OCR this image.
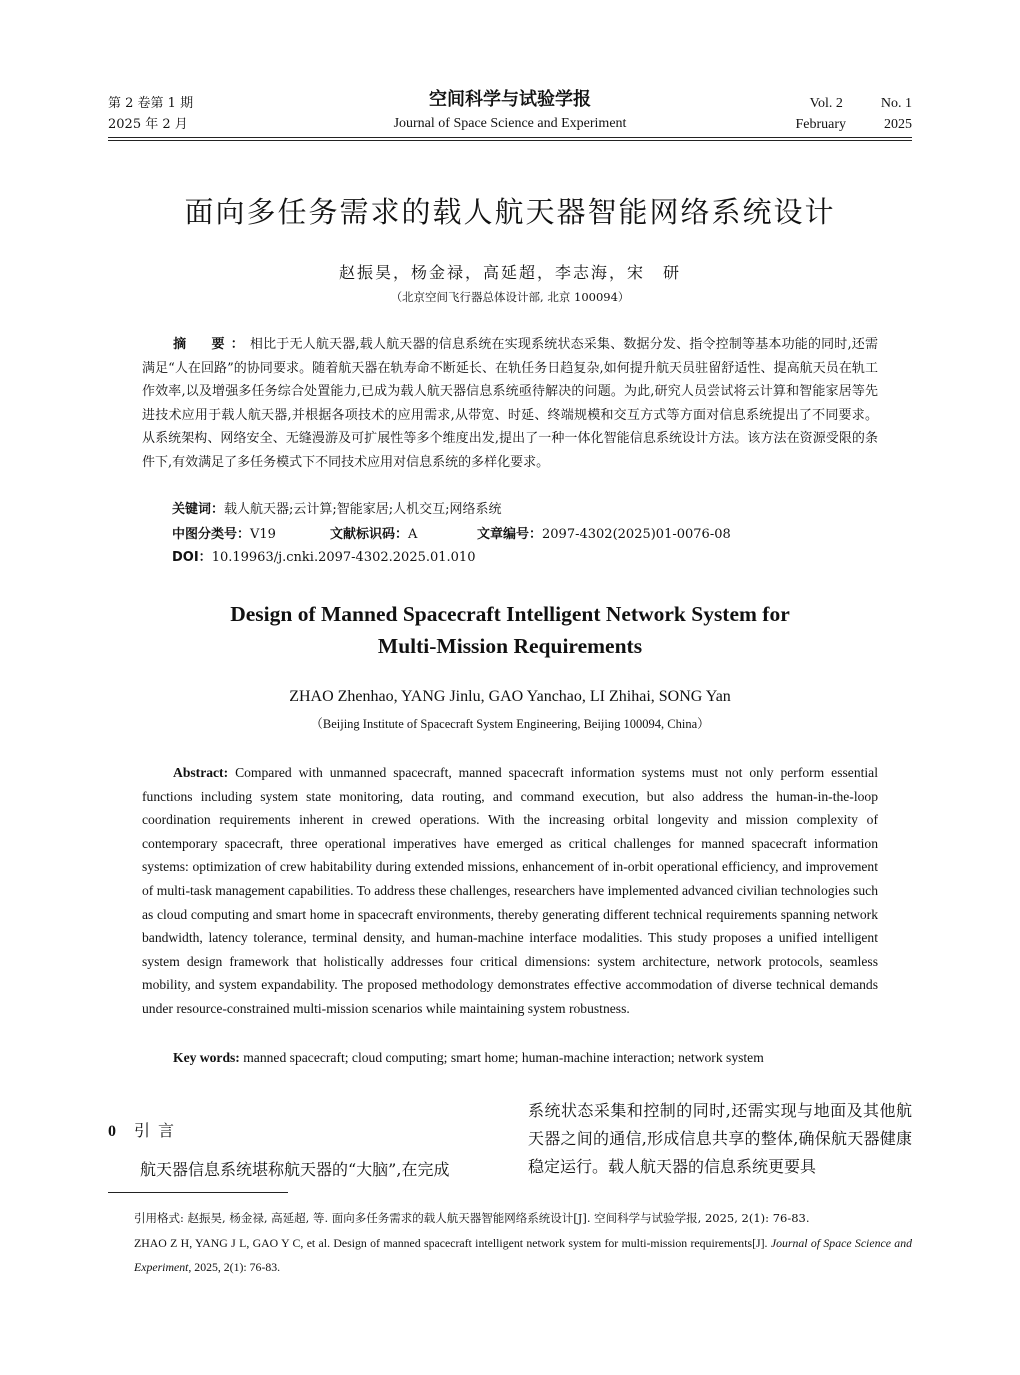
第 2 卷第 1 期
2025 年 2 月
空间科学与试验学报
Journal of Space Science and Experiment
Vol. 2	No. 1
February	2025
面向多任务需求的载人航天器智能网络系统设计
赵振昊，杨金禄，高延超，李志海，宋　研
（北京空间飞行器总体设计部, 北京 100094）
摘　要：相比于无人航天器,载人航天器的信息系统在实现系统状态采集、数据分发、指令控制等基本功能的同时,还需满足“人在回路”的协同要求。随着航天器在轨寿命不断延长、在轨任务日趋复杂,如何提升航天员驻留舒适性、提高航天员在轨工作效率,以及增强多任务综合处置能力,已成为载人航天器信息系统亟待解决的问题。为此,研究人员尝试将云计算和智能家居等先进技术应用于载人航天器,并根据各项技术的应用需求,从带宽、时延、终端规模和交互方式等方面对信息系统提出了不同要求。从系统架构、网络安全、无缝漫游及可扩展性等多个维度出发,提出了一种一体化智能信息系统设计方法。该方法在资源受限的条件下,有效满足了多任务模式下不同技术应用对信息系统的多样化要求。
关键词：载人航天器;云计算;智能家居;人机交互;网络系统
中图分类号：V19	文献标识码：A	文章编号：2097-4302(2025)01-0076-08
DOI：10.19963/j.cnki.2097-4302.2025.01.010
Design of Manned Spacecraft Intelligent Network System for
Multi-Mission Requirements
ZHAO Zhenhao, YANG Jinlu, GAO Yanchao, LI Zhihai, SONG Yan
（Beijing Institute of Spacecraft System Engineering, Beijing 100094, China）
Abstract: Compared with unmanned spacecraft, manned spacecraft information systems must not only perform essential functions including system state monitoring, data routing, and command execution, but also address the human-in-the-loop coordination requirements inherent in crewed operations. With the increasing orbital longevity and mission complexity of contemporary spacecraft, three operational imperatives have emerged as critical challenges for manned spacecraft information systems: optimization of crew habitability during extended missions, enhancement of in-orbit operational efficiency, and improvement of multi-task management capabilities. To address these challenges, researchers have implemented advanced civilian technologies such as cloud computing and smart home in spacecraft environments, thereby generating different technical requirements spanning network bandwidth, latency tolerance, terminal density, and human-machine interface modalities. This study proposes a unified intelligent system design framework that holistically addresses four critical dimensions: system architecture, network protocols, seamless mobility, and system expandability. The proposed methodology demonstrates effective accommodation of diverse technical demands under resource-constrained multi-mission scenarios while maintaining system robustness.
Key words: manned spacecraft; cloud computing; smart home; human-machine interaction; network system
0 引言
航天器信息系统堪称航天器的“大脑”,在完成
系统状态采集和控制的同时,还需实现与地面及其他航天器之间的通信,形成信息共享的整体,确保航天器健康稳定运行。载人航天器的信息系统更要具
引用格式: 赵振昊, 杨金禄, 高延超, 等. 面向多任务需求的载人航天器智能网络系统设计[J]. 空间科学与试验学报, 2025, 2(1): 76-83.
ZHAO Z H, YANG J L, GAO Y C, et al. Design of manned spacecraft intelligent network system for multi-mission requirements[J]. Journal of Space Science and Experiment, 2025, 2(1): 76-83.
